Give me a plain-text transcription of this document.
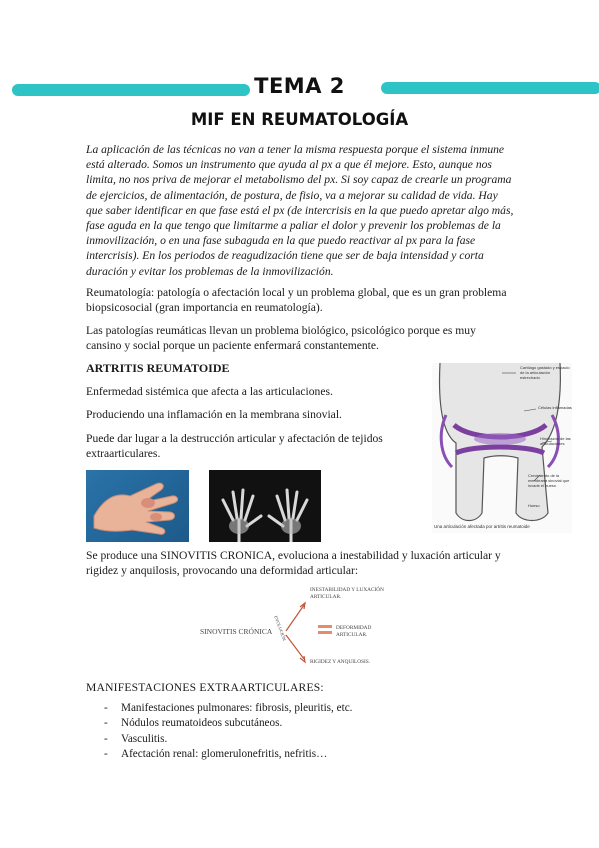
TEMA 2
MIF EN REUMATOLOGÍA
La aplicación de las técnicas no van a tener la misma respuesta porque el sistema inmune está alterado. Somos un instrumento que ayuda al px a que él mejore. Esto, aunque nos limita, no nos priva de mejorar el metabolismo del px. Si soy capaz de crearle un programa de ejercicios, de alimentación, de postura, de fisio, va a mejorar su calidad de vida. Hay que saber identificar en que fase está el px (de intercrisis en la que puedo apretar algo más, fase aguda en la que tengo que limitarme a paliar el dolor y prevenir los problemas de la inmovilización, o en una fase subaguda en la que puedo reactivar al px para la fase intercrisis). En los periodos de reagudización tiene que ser de baja intensidad y corta duración y evitar los problemas de la inmovilización.
Reumatología: patología o afectación local y un problema global, que es un gran problema biopsicosocial (gran importancia en reumatología).
Las patologías reumáticas llevan un problema biológico, psicológico porque es muy cansino y social porque un paciente enfermará constantemente.
ARTRITIS REUMATOIDE
Enfermedad sistémica que afecta a las articulaciones.
Produciendo una inflamación en la membrana sinovial.
Puede dar lugar a la destrucción articular y afectación de tejidos extraarticulares.
Cartílago gastado y espacio de la articulación estrechado
Células inflamadas
Hinchazón de las articulaciones
Crecimiento de la membrana sinovial que invade el hueso
Hueso
Una articulación afectada por artritis reumatoide
Se produce una SINOVITIS CRONICA, evoluciona a inestabilidad y luxación articular y rigidez y anquilosis, provocando una deformidad articular:
SINOVITIS CRÓNICA EVOLUCIÓN
INESTABILIDAD Y LUXACIÓN ARTICULAR.
DEFORMIDAD ARTICULAR.
RIGIDEZ Y ANQUILOSIS.
MANIFESTACIONES EXTRAARTICULARES:
- Manifestaciones pulmonares: fibrosis, pleuritis, etc.
- Nódulos reumatoideos subcutáneos.
- Vasculitis.
- Afectación renal: glomerulonefritis, nefritis…
